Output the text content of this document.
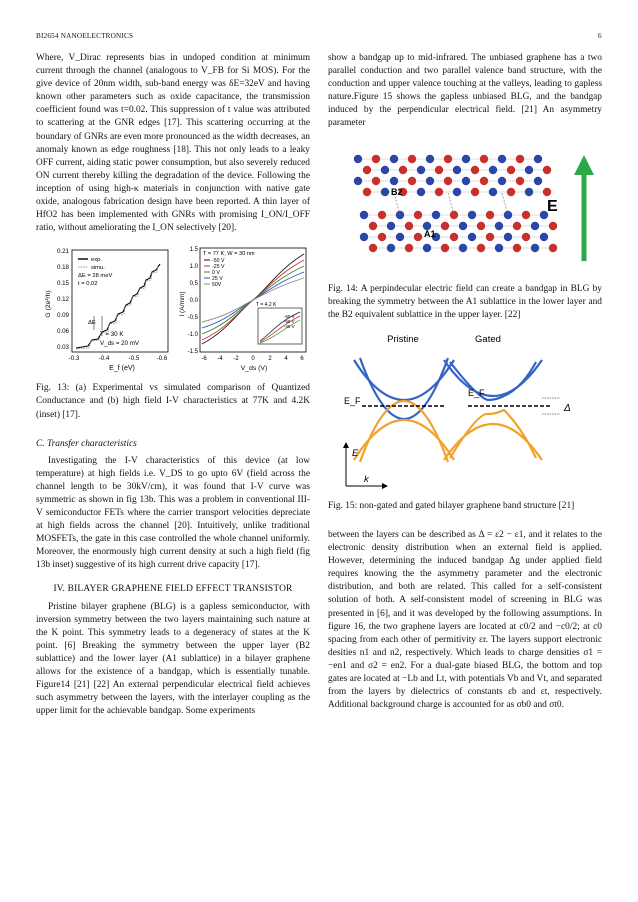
BI2654 NANOELECTRONICS	6

Where, V_Dirac represents bias in undoped condition at minimum current through the channel (analogous to V_FB for Si MOS). For the give device of 20nm width, sub-band energy was δE=32eV and having known other parameters such as oxide capacitance, the transmission coefficient found was t=0.02. This suppression of t value was attributed to scattering at the GNR edges [17]. This scattering occurring at the boundary of GNRs are even more pronounced as the width decreases, an anomaly known as edge roughness [18]. This not only leads to a leaky OFF current, aiding static power consumption, but also severely reduced ON current thereby killing the degradation of the device. Following the inception of using high-κ materials in conjunction with native gate oxide, analogous fabrication design have been reported. A thin layer of HfO2 has been implemented with GNRs with promising I_ON/I_OFF ratio, without ameliorating the I_ON selectively [20].

0.21
0.18
0.15
0.12
0.09
0.06
0.03
-0.3	-0.4	-0.5	-0.6
G (2e²/h)
E_f (eV)
exp.
simu.
ΔE = 28 meV
t = 0.02
ΔE
T = 30 K
V_ds = 20 mV
1.5
1.0
0.5
0.0
-0.5
-1.0
-1.5
-6 -4 -2 0 2 4 6
I (A/mm)
V_ds (V)
T = 77 K; W = 30 nm
-50 V
-25 V
0 V
25 V
50V
T = 4.2 K
-60 V
-50 V
-40 V

Fig. 13: (a) Experimental vs simulated comparison of Quantized Conductance and (b) high field I-V characteristics at 77K and 4.2K (inset) [17].

C. Transfer characteristics

Investigating the I-V characteristics of this device (at low temperature) at high fields i.e. V_DS to go upto 6V (field across the channel length to be 30kV/cm), it was found that I-V curve was symmetric as shown in fig 13b. This was a problem in conventional III-V semiconductor FETs where the carrier transport velocities depreciate at high fields across the channel [20]. Intuitively, unlike traditional MOSFETs, the gate in this case controlled the whole channel uniformly. Moreover, the enormously high current density at such a high field (fig 13b inset) suggestive of its high current drive capacity [17].

IV. BILAYER GRAPHENE FIELD EFFECT TRANSISTOR

Pristine bilayer graphene (BLG) is a gapless semiconductor, with inversion symmetry between the two layers maintaining such nature at the K point. This symmetry leads to a degeneracy of states at the K point. [6] Breaking the symmetry between the upper layer (B2 sublattice) and the lower layer (A1 sublattice) in a bilayer graphene allows for the existence of a bandgap, which is essentially tunable. Figure14 [21] [22] An external perpendicular electrical field achieves such asymmetry between the layers, with the interlayer coupling as the upper limit for the achievable bandgap. Some experiments

show a bandgap up to mid-infrared. The unbiased graphene has a two parallel conduction and two parallel valence band structure, with the conduction and upper valence touching at the valleys, leading to gapless nature.Figure 15 shows the gapless unbiased BLG, and the bandgap induced by the perpendicular electrical field. [21] An asymmetry parameter

B2
A1
E

Fig. 14: A perpindecular electric field can create a bandgap in BLG by breaking the symmetry between the A1 sublattice in the lower layer and the B2 equivalent sublattice in the upper layer. [22]

Pristine	Gated
E_F
E_F
Δ
E
k

Fig. 15: non-gated and gated bilayer graphene band structure [21]

between the layers can be described as Δ = ε2 − ε1, and it relates to the electronic density distribution when an external field is applied. However, determining the induced bandgap Δg under applied field requires knowing the the asymmetry parameter and the electronic distribution, and both are related. This called for a self-consistent solution of both. A self-consistent model of screening in BLG was presented in [6], and it was developed by the following assumptions. In figure 16, the two graphene layers are located at c0/2 and −c0/2; at c0 spacing from each other of permitivity εr. The layers support electronic desities n1 and n2, respectively. Which leads to charge densities σ1 = −en1 and σ2 = en2. For a dual-gate biased BLG, the bottom and top gates are located at −Lb and Lt, with potentials Vb and Vt, and separated from the layers by dielectrics of constants εb and εt, respectively. Additional background charge is accounted for as σb0 and σt0.
